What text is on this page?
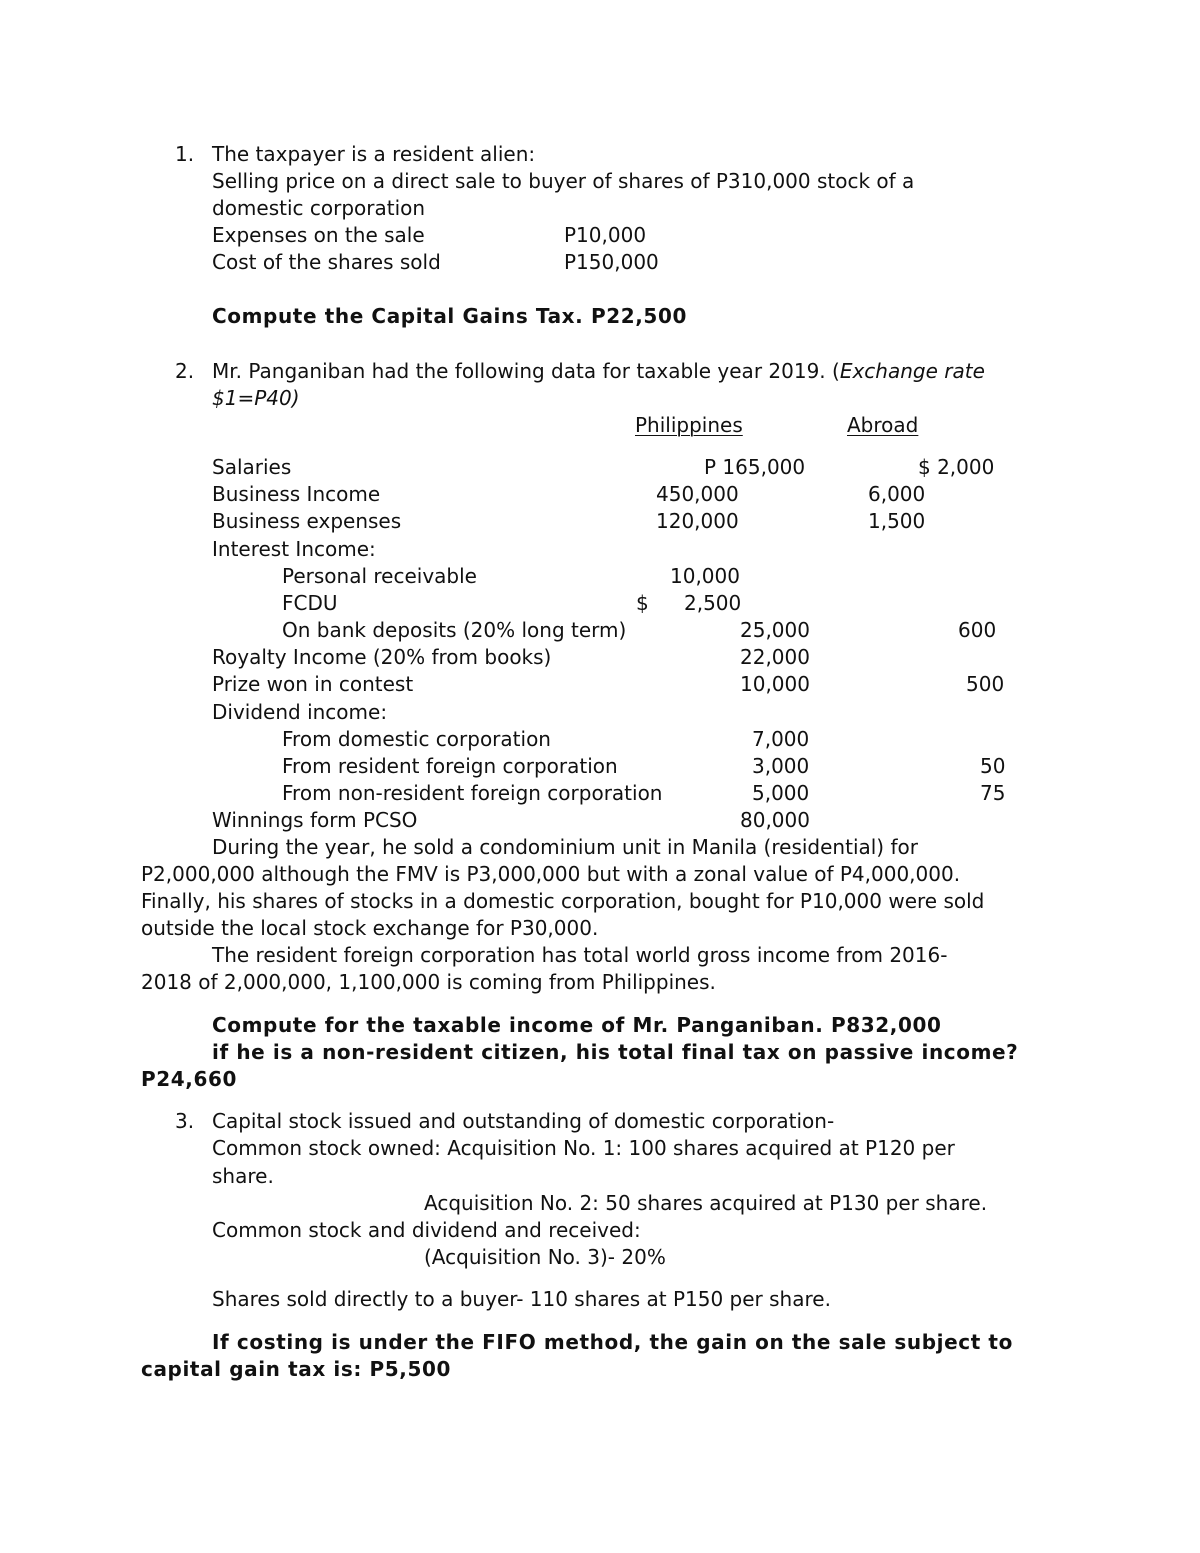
1. The taxpayer is a resident alien:
Selling price on a direct sale to buyer of shares of P310,000 stock of a
domestic corporation
Expenses on the sale	P10,000
Cost of the shares sold	P150,000
Compute the Capital Gains Tax. P22,500
2. Mr. Panganiban had the following data for taxable year 2019. (Exchange rate
$1=P40)
Philippines	Abroad
Salaries	P 165,000	$ 2,000
Business Income	450,000	6,000
Business expenses	120,000	1,500
Interest Income:
Personal receivable	10,000
FCDU	$ 2,500
On bank deposits (20% long term)	25,000	600
Royalty Income (20% from books)	22,000
Prize won in contest	10,000	500
Dividend income:
From domestic corporation	7,000
From resident foreign corporation	3,000	50
From non-resident foreign corporation	5,000	75
Winnings form PCSO	80,000
During the year, he sold a condominium unit in Manila (residential) for
P2,000,000 although the FMV is P3,000,000 but with a zonal value of P4,000,000.
Finally, his shares of stocks in a domestic corporation, bought for P10,000 were sold
outside the local stock exchange for P30,000.
The resident foreign corporation has total world gross income from 2016-
2018 of 2,000,000, 1,100,000 is coming from Philippines.
Compute for the taxable income of Mr. Panganiban. P832,000
if he is a non-resident citizen, his total final tax on passive income?
P24,660
3. Capital stock issued and outstanding of domestic corporation-
Common stock owned: Acquisition No. 1: 100 shares acquired at P120 per
share.
Acquisition No. 2: 50 shares acquired at P130 per share.
Common stock and dividend and received:
(Acquisition No. 3)- 20%
Shares sold directly to a buyer- 110 shares at P150 per share.
If costing is under the FIFO method, the gain on the sale subject to
capital gain tax is: P5,500
